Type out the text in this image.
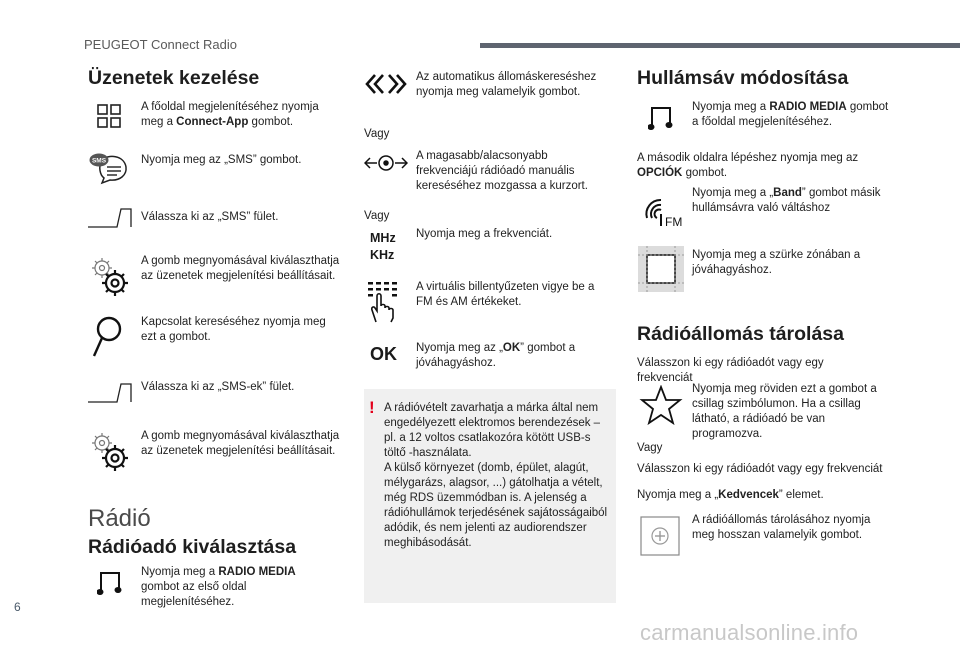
PEUGEOT Connect Radio
Üzenetek kezelése
A főoldal megjelenítéséhez nyomja meg a Connect-App gombot.
SMS	Nyomja meg az „SMS” gombot.
Válassza ki az „SMS” fület.
A gomb megnyomásával kiválaszthatja az üzenetek megjelenítési beállításait.
Kapcsolat kereséséhez nyomja meg ezt a gombot.
Válassza ki az „SMS-ek” fület.
A gomb megnyomásával kiválaszthatja az üzenetek megjelenítési beállításait.
Rádió
Rádióadó kiválasztása
Nyomja meg a RADIO MEDIA gombot az első oldal megjelenítéséhez.
Az automatikus állomáskereséshez nyomja meg valamelyik gombot.
Vagy
A magasabb/alacsonyabb frekvenciájú rádióadó manuális kereséséhez mozgassa a kurzort.
Vagy
MHz
KHz
Nyomja meg a frekvenciát.
A virtuális billentyűzeten vigye be a FM és AM értékeket.
OK Nyomja meg az „OK” gombot a jóváhagyáshoz.
! A rádióvételt zavarhatja a márka által nem engedélyezett elektromos berendezések – pl. a 12 voltos csatlakozóra kötött USB-s töltő -használata.
A külső környezet (domb, épület, alagút, mélygarázs, alagsor, ...) gátolhatja a vételt, még RDS üzemmódban is. A jelenség a rádióhullámok terjedésének sajátosságaiból adódik, és nem jelenti az audiorendszer meghibásodását.
Hullámsáv módosítása
Nyomja meg a RADIO MEDIA gombot a főoldal megjelenítéséhez.
A második oldalra lépéshez nyomja meg az OPCIÓK gombot.
FM
Nyomja meg a „Band” gombot másik hullámsávra való váltáshoz
Nyomja meg a szürke zónában a jóváhagyáshoz.
Rádióállomás tárolása
Válasszon ki egy rádióadót vagy egy frekvenciát
Nyomja meg röviden ezt a gombot a csillag szimbólumon. Ha a csillag látható, a rádióadó be van programozva.
Vagy
Válasszon ki egy rádióadót vagy egy frekvenciát
Nyomja meg a „Kedvencek” elemet.
A rádióállomás tárolásához nyomja meg hosszan valamelyik gombot.
6
carmanualsonline.info
